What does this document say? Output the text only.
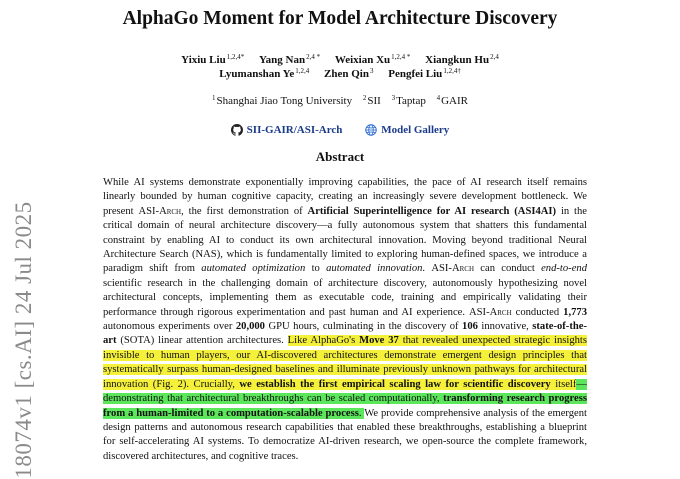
18074v1 [cs.AI] 24 Jul 2025
AlphaGo Moment for Model Architecture Discovery
Yixiu Liu$^{1,2,4*}$ Yang Nan$^{2,4 *}$ Weixian $Xu^{1,2,4 *}$ Xiangkun Hu$^{2,4}$
Lyumanshan Ye$^{1,2,4}$ Zhen Qin$^3$ Pengfei Liu$^{1,2,4\dagger}$
$^1$Shanghai Jiao Tong University $^2$SII $^3$Taptap $^4$GAIR
SII-GAIR/ASI-Arch
	Model Gallery
Abstract
While AI systems demonstrate exponentially improving capabilities, the pace of AI research itself remains linearly bounded by human cognitive capacity, creating an increasingly severe development bottleneck. We present ASI-Arch, the first demonstration of Artificial Superintelligence for AI research (ASI4AI) in the critical domain of neural architecture discovery—a fully autonomous system that shatters this fundamental constraint by enabling AI to conduct its own architectural innovation. Moving beyond traditional Neural Architecture Search (NAS), which is fundamentally limited to exploring human-defined spaces, we introduce a paradigm shift from automated optimization to automated innovation. ASI-Arch can conduct end-to-end scientific research in the challenging domain of architecture discovery, autonomously hypothesizing novel architectural concepts, implementing them as executable code, training and empirically validating their performance through rigorous experimentation and past human and AI experience. ASI-Arch conducted 1,773 autonomous experiments over 20,000 GPU hours, culminating in the discovery of 106 innovative, state-of-the-art (SOTA) linear attention architectures. Like AlphaGo's Move 37 that revealed unexpected strategic insights invisible to human players, our AI-discovered architectures demonstrate emergent design principles that systematically surpass human-designed baselines and illuminate previously unknown pathways for architectural innovation (Fig. 2). Crucially, we establish the first empirical scaling law for scientific discovery itself—demonstrating that architectural breakthroughs can be scaled computationally, transforming research progress from a human-limited to a computation-scalable process. We provide comprehensive analysis of the emergent design patterns and autonomous research capabilities that enabled these breakthroughs, establishing a blueprint for self-accelerating AI systems. To democratize AI-driven research, we open-source the complete framework, discovered architectures, and cognitive traces.
